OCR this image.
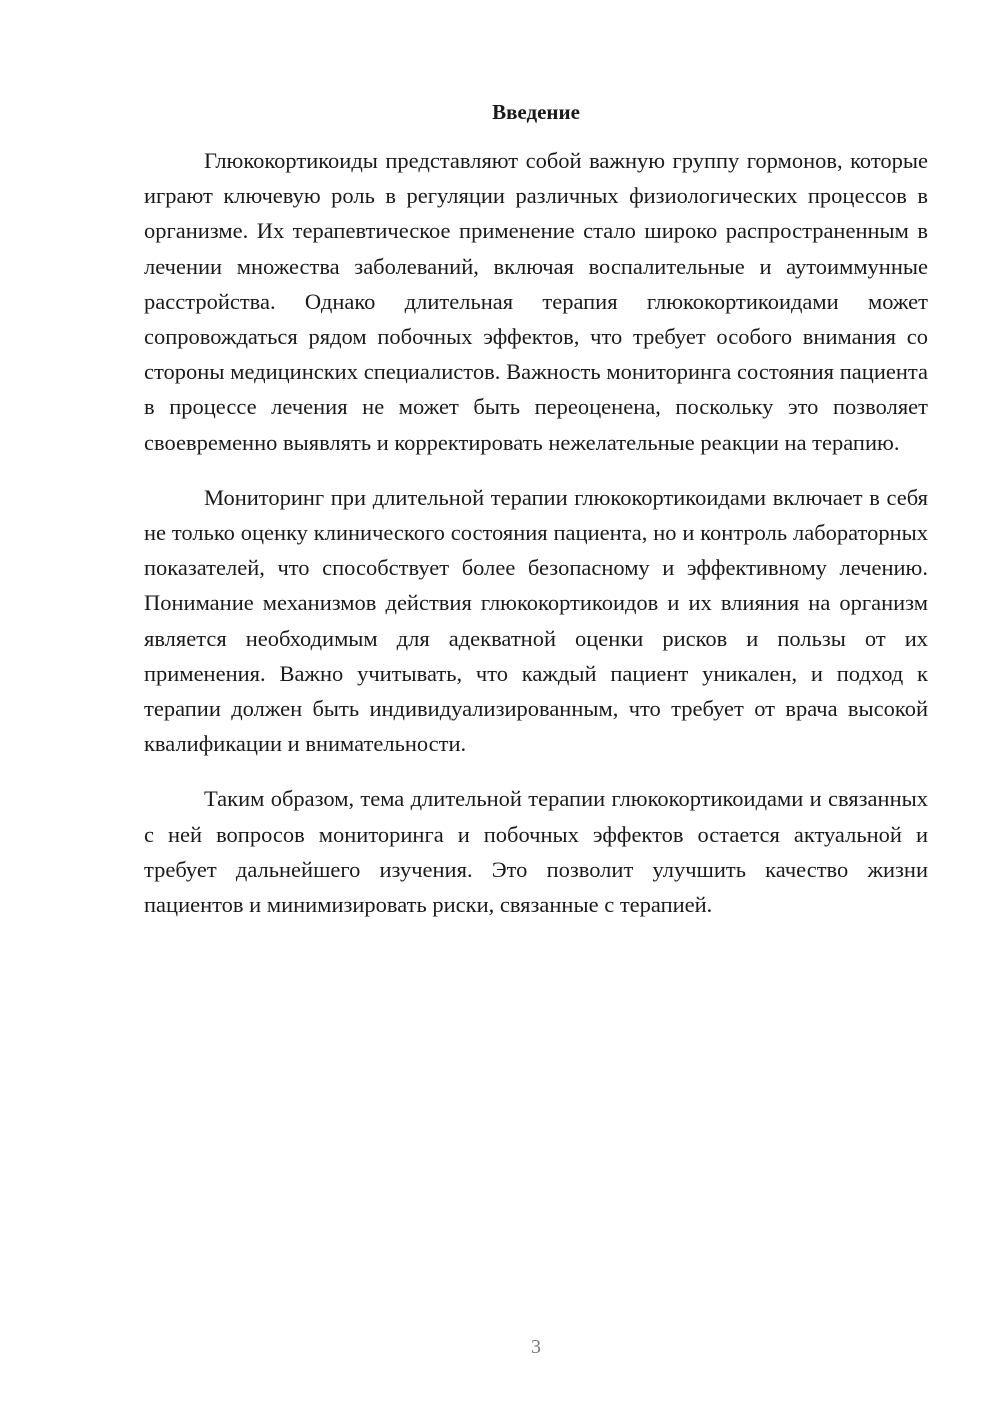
Введение

Глюкокортикоиды представляют собой важную группу гормонов, которые играют ключевую роль в регуляции различных физиологических процессов в организме. Их терапевтическое применение стало широко распространенным в лечении множества заболеваний, включая воспалительные и аутоиммунные расстройства. Однако длительная терапия глюкокортикоидами может сопровождаться рядом побочных эффектов, что требует особого внимания со стороны медицинских специалистов. Важность мониторинга состояния пациента в процессе лечения не может быть переоценена, поскольку это позволяет своевременно выявлять и корректировать нежелательные реакции на терапию.

Мониторинг при длительной терапии глюкокортикоидами включает в себя не только оценку клинического состояния пациента, но и контроль лабораторных показателей, что способствует более безопасному и эффективному лечению. Понимание механизмов действия глюкокортикоидов и их влияния на организм является необходимым для адекватной оценки рисков и пользы от их применения. Важно учитывать, что каждый пациент уникален, и подход к терапии должен быть индивидуализированным, что требует от врача высокой квалификации и внимательности.

Таким образом, тема длительной терапии глюкокортикоидами и связанных с ней вопросов мониторинга и побочных эффектов остается актуальной и требует дальнейшего изучения. Это позволит улучшить качество жизни пациентов и минимизировать риски, связанные с терапией.

3
